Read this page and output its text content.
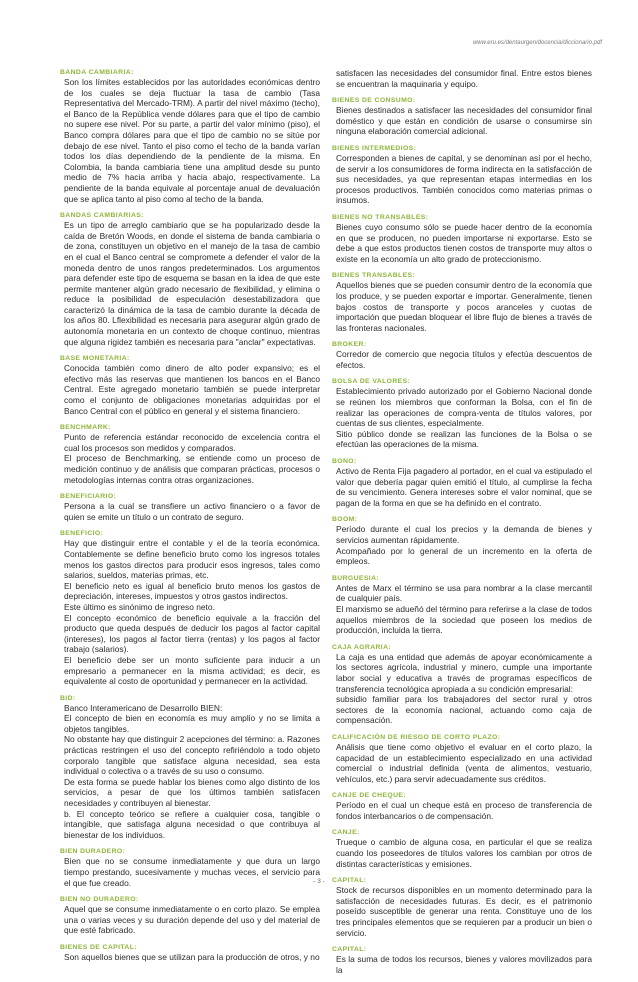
www.eru.es/dentaurgen/docencia/diccionario.pdf
BANDA CAMBIARIA:
Son los límites establecidos por las autoridades económicas dentro de los cuales se deja fluctuar la tasa de cambio (Tasa Representativa del Mercado-TRM). A partir del nivel máximo (techo), el Banco de la República vende dólares para que el tipo de cambio no supere ese nivel. Por su parte, a partir del valor mínimo (piso), el Banco compra dólares para que el tipo de cambio no se sitúe por debajo de ese nivel. Tanto el piso como el techo de la banda varían todos los días dependiendo de la pendiente de la misma. En Colombia, la banda cambiaria tiene una amplitud desde su punto medio de 7% hacia arriba y hacia abajo, respectivamente. La pendiente de la banda equivale al porcentaje anual de devaluación que se aplica tanto al piso como al techo de la banda.
BANDAS CAMBIARIAS:
Es un tipo de arreglo cambiario que se ha popularizado desde la caída de Bretón Woods, en donde el sistema de banda cambiaria o de zona, constituyen un objetivo en el manejo de la tasa de cambio en el cual el Banco central se compromete a defender el valor de la moneda dentro de unos rangos predeterminados. Los argumentos para defender este tipo de esquema se basan en la idea de que este permite mantener algún grado necesario de flexibilidad, y elimina o reduce la posibilidad de especulación desestabilizadora que caracterizó la dinámica de la tasa de cambio durante la década de los años 80. Lflexibilidad es necesaria para asegurar algún grado de autonomía monetaria en un contexto de choque continuo, mientras que alguna rigidez también es necesaria para "anclar" expectativas.
BASE MONETARIA:
Conocida también como dinero de alto poder expansivo; es el efectivo más las reservas que mantienen los bancos en el Banco Central. Este agregado monetario también se puede interpretar como el conjunto de obligaciones monetarias adquiridas por el Banco Central con el público en general y el sistema financiero.
BENCHMARK:
Punto de referencia estándar reconocido de excelencia contra el cual los procesos son medidos y comparados.
El proceso de Benchmarking, se entiende como un proceso de medición continuo y de análisis que comparan prácticas, procesos o metodologías internas contra otras organizaciones.
BENEFICIARIO:
Persona a la cual se transfiere un activo financiero o a favor de quien se emite un título o un contrato de seguro.
BENEFICIO:
Hay que distinguir entre el contable y el de la teoría económica. Contablemente se define beneficio bruto como los ingresos totales menos los gastos directos para producir esos ingresos, tales como salarios, sueldos, materias primas, etc.
El beneficio neto es igual al beneficio bruto menos los gastos de depreciación, intereses, impuestos y otros gastos indirectos.
Este último es sinónimo de ingreso neto.
El concepto económico de beneficio equivale a la fracción del producto que queda después de deducir los pagos al factor capital (intereses), los pagos al factor tierra (rentas) y los pagos al factor trabajo (salarios).
El beneficio debe ser un monto suficiente para inducir a un empresario a permanecer en la misma actividad; es decir, es equivalente al costo de oportunidad y permanecer en la actividad.
BID:
Banco Interamericano de Desarrollo BIEN:
El concepto de bien en economía es muy amplio y no se limita a objetos tangibles.
No obstante hay que distinguir 2 acepciones del término: a. Razones prácticas restringen el uso del concepto refiriéndolo a todo objeto corporalo tangible que satisface alguna necesidad, sea esta individual o colectiva o a través de su uso o consumo.
De esta forma se puede hablar los bienes como algo distinto de los servicios, a pesar de que los últimos también satisfacen necesidades y contribuyen al bienestar.
b. El concepto teórico se refiere a cualquier cosa, tangible o intangible, que satisfaga alguna necesidad o que contribuya al bienestar de los individuos.
BIEN DURADERO:
Bien que no se consume inmediatamente y que dura un largo tiempo prestando, sucesivamente y muchas veces, el servicio para el que fue creado.
BIEN NO DURADERO:
Aquel que se consume inmediatamente o en corto plazo. Se emplea una o varias veces y su duración depende del uso y del material de que esté fabricado.
BIENES DE CAPITAL:
Son aquellos bienes que se utilizan para la producción de otros, y no
satisfacen las necesidades del consumidor final. Entre estos bienes se encuentran la maquinaria y equipo.
BIENES DE CONSUMO:
Bienes destinados a satisfacer las necesidades del consumidor final doméstico y que están en condición de usarse o consumirse sin ninguna elaboración comercial adicional.
BIENES INTERMEDIOS:
Corresponden a bienes de capital, y se denominan así por el hecho, de servir a los consumidores de forma indirecta en la satisfacción de sus necesidades, ya que representan etapas intermedias en los procesos productivos. También conocidos como materias primas o insumos.
BIENES NO TRANSABLES:
Bienes cuyo consumo sólo se puede hacer dentro de la economía en que se producen, no pueden importarse ni exportarse. Esto se debe a que estos productos tienen costos de transporte muy altos o existe en la economía un alto grado de proteccionismo.
BIENES TRANSABLES:
Aquellos bienes que se pueden consumir dentro de la economía que los produce, y se pueden exportar e importar. Generalmente, tienen bajos costos de transporte y pocos aranceles y cuotas de importación que puedan bloquear el libre flujo de bienes a través de las fronteras nacionales.
BROKER:
Corredor de comercio que negocia títulos y efectúa descuentos de efectos.
BOLSA DE VALORES:
Establecimiento privado autorizado por el Gobierno Nacional donde se reúnen los miembros que conforman la Bolsa, con el fin de realizar las operaciones de compra-venta de títulos valores, por cuentas de sus clientes, especialmente.
Sitio público donde se realizan las funciones de la Bolsa o se efectúan las operaciones de la misma.
BONO:
Activo de Renta Fija pagadero al portador, en el cual va estipulado el valor que debería pagar quien emitió el título, al cumplirse la fecha de su vencimiento. Genera intereses sobre el valor nominal, que se pagan de la forma en que se ha definido en el contrato.
BOOM:
Período durante el cual los precios y la demanda de bienes y servicios aumentan rápidamente.
Acompañado por lo general de un incremento en la oferta de empleos.
BURGUESIA:
Antes de Marx el término se usa para nombrar a la clase mercantil de cualquier país.
El marxismo se adueñó del término para referirse a la clase de todos aquellos miembros de la sociedad que poseen los medios de producción, incluida la tierra.
CAJA AGRARIA:
La caja es una entidad que además de apoyar económicamente a los sectores agrícola, industrial y minero, cumple una importante labor social y educativa a través de programas específicos de transferencia tecnológica apropiada a su condición empresarial:
subsidio familiar para los trabajadores del sector rural y otros sectores de la economía nacional, actuando como caja de compensación.
CALIFICACIÓN DE RIESGO DE CORTO PLAZO:
Análisis que tiene como objetivo el evaluar en el corto plazo, la capacidad de un establecimiento especializado en una actividad comercial o industrial definida (venta de alimentos, vestuario, vehículos, etc.) para servir adecuadamente sus créditos.
CANJE DE CHEQUE:
Período en el cual un cheque está en proceso de transferencia de fondos interbancarios o de compensación.
CANJE:
Trueque o cambio de alguna cosa, en particular el que se realiza cuando los poseedores de títulos valores los cambian por otros de distintas características y emisiones.
CAPITAL:
Stock de recursos disponibles en un momento determinado para la satisfacción de necesidades futuras. Es decir, es el patrimonio poseído susceptible de generar una renta. Constituye uno de los tres principales elementos que se requieren par a producir un bien o servicio.
CAPITAL:
Es la suma de todos los recursos, bienes y valores movilizados para la
- 3 -
